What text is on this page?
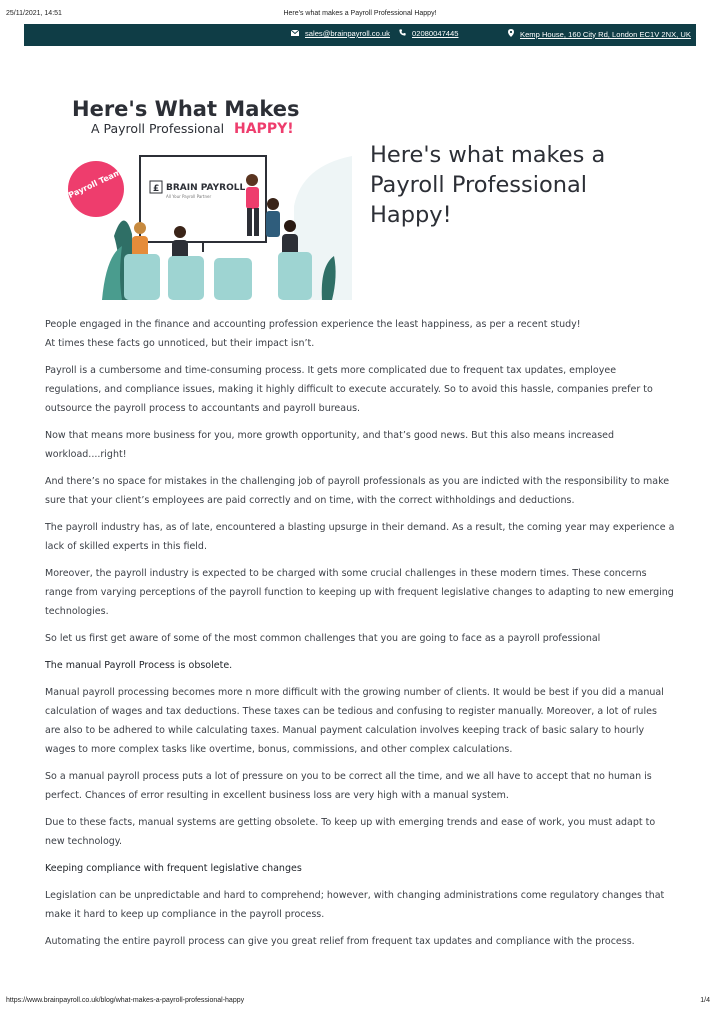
25/11/2021, 14:51	Here's what makes a Payroll Professional Happy!
sales@brainpayroll.co.uk	02080047445	Kemp House, 160 City Rd, London EC1V 2NX, UK
Here's What Makes
A Payroll Professional HAPPY!
Payroll Team	£ BRAIN PAYROLL
All Your Payroll Partner
Here's what makes a Payroll Professional Happy!

People engaged in the finance and accounting profession experience the least happiness, as per a recent study!
At times these facts go unnoticed, but their impact isn’t.

Payroll is a cumbersome and time-consuming process. It gets more complicated due to frequent tax updates, employee regulations, and compliance issues, making it highly difficult to execute accurately. So to avoid this hassle, companies prefer to outsource the payroll process to accountants and payroll bureaus.

Now that means more business for you, more growth opportunity, and that’s good news. But this also means increased workload....right!

And there’s no space for mistakes in the challenging job of payroll professionals as you are indicted with the responsibility to make sure that your client’s employees are paid correctly and on time, with the correct withholdings and deductions.

The payroll industry has, as of late, encountered a blasting upsurge in their demand. As a result, the coming year may experience a lack of skilled experts in this field.

Moreover, the payroll industry is expected to be charged with some crucial challenges in these modern times. These concerns range from varying perceptions of the payroll function to keeping up with frequent legislative changes to adapting to new emerging technologies.

So let us first get aware of some of the most common challenges that you are going to face as a payroll professional

The manual Payroll Process is obsolete.

Manual payroll processing becomes more n more difficult with the growing number of clients. It would be best if you did a manual calculation of wages and tax deductions. These taxes can be tedious and confusing to register manually. Moreover, a lot of rules are also to be adhered to while calculating taxes. Manual payment calculation involves keeping track of basic salary to hourly wages to more complex tasks like overtime, bonus, commissions, and other complex calculations.

So a manual payroll process puts a lot of pressure on you to be correct all the time, and we all have to accept that no human is perfect. Chances of error resulting in excellent business loss are very high with a manual system.

Due to these facts, manual systems are getting obsolete. To keep up with emerging trends and ease of work, you must adapt to new technology.

Keeping compliance with frequent legislative changes

Legislation can be unpredictable and hard to comprehend; however, with changing administrations come regulatory changes that make it hard to keep up compliance in the payroll process.

Automating the entire payroll process can give you great relief from frequent tax updates and compliance with the process.

https://www.brainpayroll.co.uk/blog/what-makes-a-payroll-professional-happy	1/4
